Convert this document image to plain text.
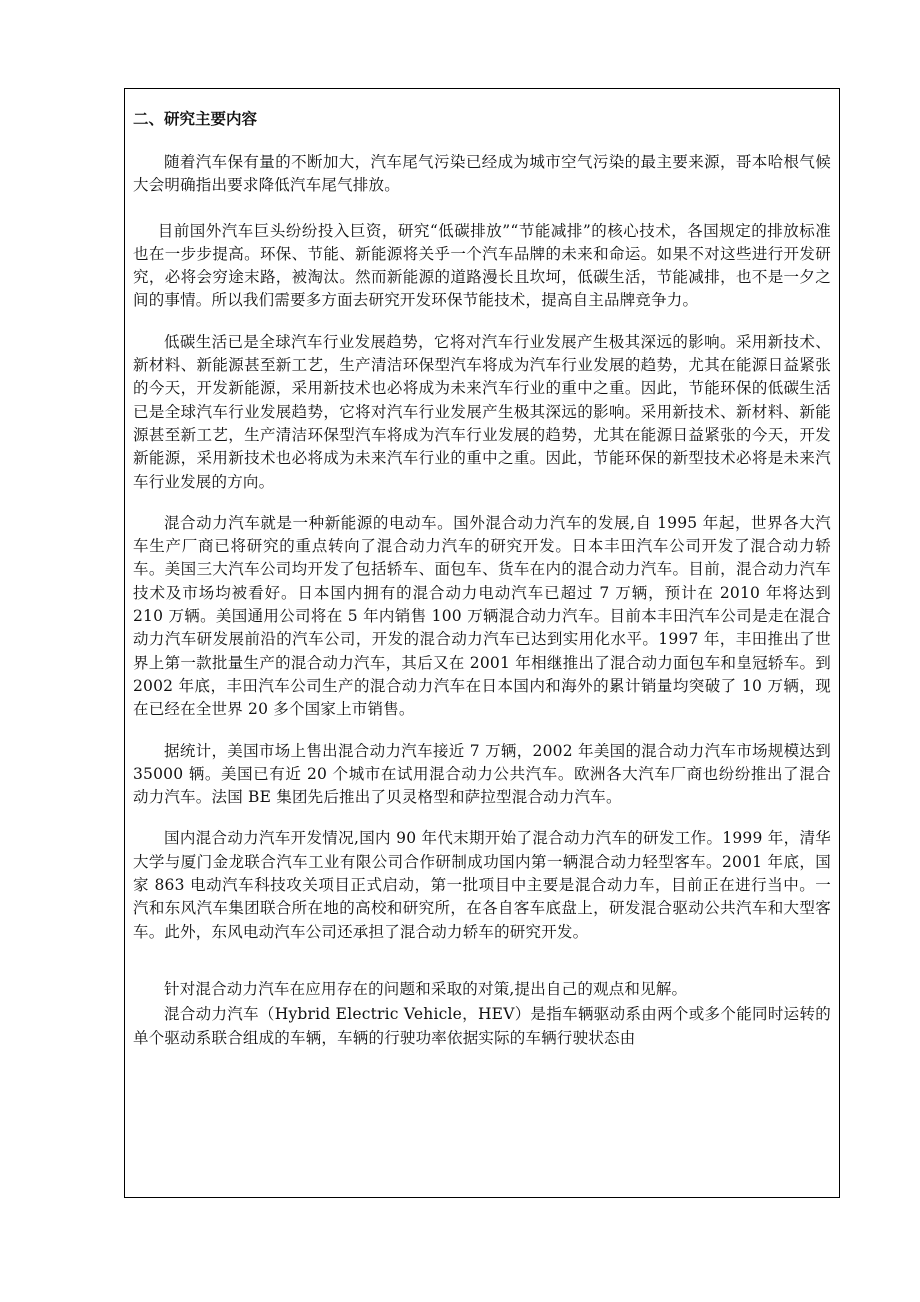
二、研究主要内容

随着汽车保有量的不断加大，汽车尾气污染已经成为城市空气污染的最主要来源，哥本哈根气候大会明确指出要求降低汽车尾气排放。

目前国外汽车巨头纷纷投入巨资，研究“低碳排放”“节能减排”的核心技术，各国规定的排放标准也在一步步提高。环保、节能、新能源将关乎一个汽车品牌的未来和命运。如果不对这些进行开发研究，必将会穷途末路，被淘汰。然而新能源的道路漫长且坎坷，低碳生活，节能减排，也不是一夕之间的事情。所以我们需要多方面去研究开发环保节能技术，提高自主品牌竞争力。

低碳生活已是全球汽车行业发展趋势，它将对汽车行业发展产生极其深远的影响。采用新技术、新材料、新能源甚至新工艺，生产清洁环保型汽车将成为汽车行业发展的趋势，尤其在能源日益紧张的今天，开发新能源，采用新技术也必将成为未来汽车行业的重中之重。因此，节能环保的低碳生活已是全球汽车行业发展趋势，它将对汽车行业发展产生极其深远的影响。采用新技术、新材料、新能源甚至新工艺，生产清洁环保型汽车将成为汽车行业发展的趋势，尤其在能源日益紧张的今天，开发新能源，采用新技术也必将成为未来汽车行业的重中之重。因此，节能环保的新型技术必将是未来汽车行业发展的方向。

混合动力汽车就是一种新能源的电动车。国外混合动力汽车的发展,自 1995 年起，世界各大汽车生产厂商已将研究的重点转向了混合动力汽车的研究开发。日本丰田汽车公司开发了混合动力轿车。美国三大汽车公司均开发了包括轿车、面包车、货车在内的混合动力汽车。目前，混合动力汽车技术及市场均被看好。日本国内拥有的混合动力电动汽车已超过 7 万辆，预计在 2010 年将达到 210 万辆。美国通用公司将在 5 年内销售 100 万辆混合动力汽车。目前本丰田汽车公司是走在混合动力汽车研发展前沿的汽车公司，开发的混合动力汽车已达到实用化水平。1997 年，丰田推出了世界上第一款批量生产的混合动力汽车，其后又在 2001 年相继推出了混合动力面包车和皇冠轿车。到 2002 年底，丰田汽车公司生产的混合动力汽车在日本国内和海外的累计销量均突破了 10 万辆，现在已经在全世界 20 多个国家上市销售。

据统计，美国市场上售出混合动力汽车接近 7 万辆，2002 年美国的混合动力汽车市场规模达到 35000 辆。美国已有近 20 个城市在试用混合动力公共汽车。欧洲各大汽车厂商也纷纷推出了混合动力汽车。法国 BE 集团先后推出了贝灵格型和萨拉型混合动力汽车。

国内混合动力汽车开发情况,国内 90 年代末期开始了混合动力汽车的研发工作。1999 年，清华大学与厦门金龙联合汽车工业有限公司合作研制成功国内第一辆混合动力轻型客车。2001 年底，国家 863 电动汽车科技攻关项目正式启动，第一批项目中主要是混合动力车，目前正在进行当中。一汽和东风汽车集团联合所在地的高校和研究所，在各自客车底盘上，研发混合驱动公共汽车和大型客车。此外，东风电动汽车公司还承担了混合动力轿车的研究开发。

针对混合动力汽车在应用存在的问题和采取的对策,提出自己的观点和见解。

混合动力汽车（Hybrid Electric Vehicle，HEV）是指车辆驱动系由两个或多个能同时运转的单个驱动系联合组成的车辆，车辆的行驶功率依据实际的车辆行驶状态由
